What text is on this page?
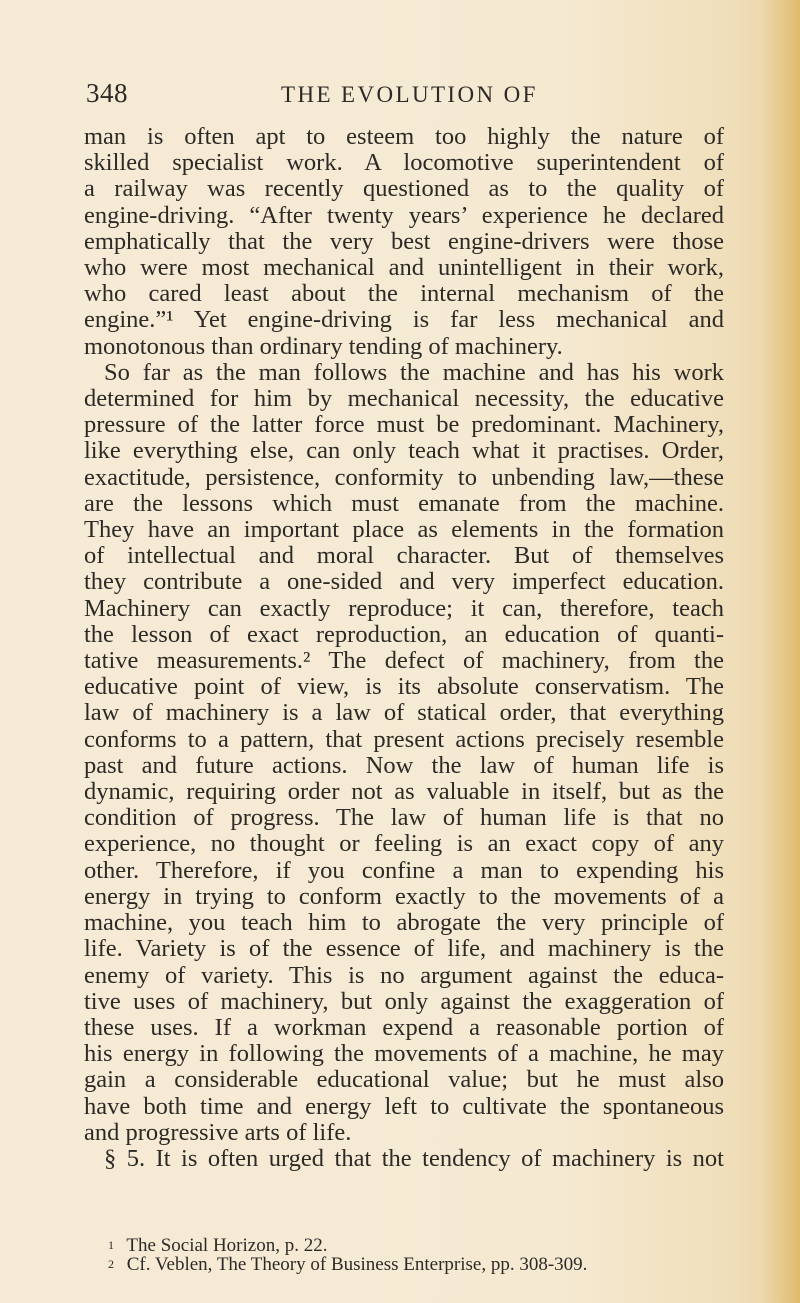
348	THE EVOLUTION OF
man is often apt to esteem too highly the nature of
skilled specialist work. A locomotive superintendent of
a railway was recently questioned as to the quality of
engine-driving. “After twenty years’ experience he declared
emphatically that the very best engine-drivers were those
who were most mechanical and unintelligent in their work,
who cared least about the internal mechanism of the
engine.”¹ Yet engine-driving is far less mechanical and
monotonous than ordinary tending of machinery.
So far as the man follows the machine and has his work
determined for him by mechanical necessity, the educative
pressure of the latter force must be predominant. Machinery,
like everything else, can only teach what it practises. Order,
exactitude, persistence, conformity to unbending law,—these
are the lessons which must emanate from the machine.
They have an important place as elements in the formation
of intellectual and moral character. But of themselves
they contribute a one-sided and very imperfect education.
Machinery can exactly reproduce; it can, therefore, teach
the lesson of exact reproduction, an education of quanti-
tative measurements.² The defect of machinery, from the
educative point of view, is its absolute conservatism. The
law of machinery is a law of statical order, that everything
conforms to a pattern, that present actions precisely resemble
past and future actions. Now the law of human life is
dynamic, requiring order not as valuable in itself, but as the
condition of progress. The law of human life is that no
experience, no thought or feeling is an exact copy of any
other. Therefore, if you confine a man to expending his
energy in trying to conform exactly to the movements of a
machine, you teach him to abrogate the very principle of
life. Variety is of the essence of life, and machinery is the
enemy of variety. This is no argument against the educa-
tive uses of machinery, but only against the exaggeration of
these uses. If a workman expend a reasonable portion of
his energy in following the movements of a machine, he may
gain a considerable educational value; but he must also
have both time and energy left to cultivate the spontaneous
and progressive arts of life.
§ 5. It is often urged that the tendency of machinery is not
1 The Social Horizon, p. 22.
2 Cf. Veblen, The Theory of Business Enterprise, pp. 308-309.
